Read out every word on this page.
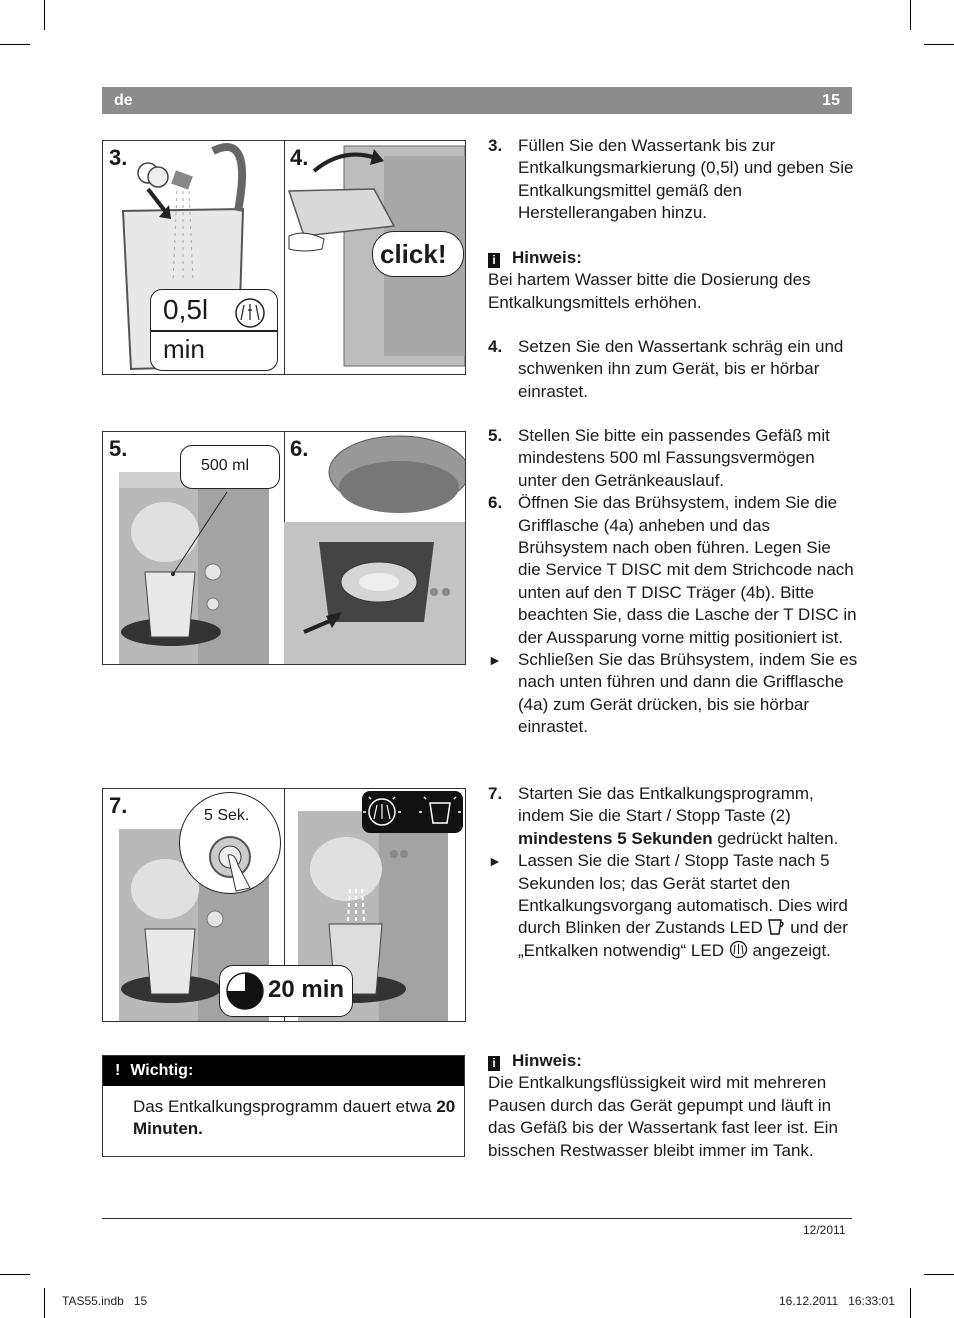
de	15
3.
0,5l
min
4.
click!
5.
500 ml
6.
7.	5 Sek.
20 min
! Wichtig:
Das Entkalkungsprogramm dauert etwa 20 Minuten.
3. Füllen Sie den Wassertank bis zur Entkalkungsmarkierung (0,5l) und geben Sie Entkalkungsmittel gemäß den Herstellerangaben hinzu.
i Hinweis:
Bei hartem Wasser bitte die Dosierung des Entkalkungsmittels erhöhen.
4. Setzen Sie den Wassertank schräg ein und schwenken ihn zum Gerät, bis er hörbar einrastet.
5. Stellen Sie bitte ein passendes Gefäß mit mindestens 500 ml Fassungsvermögen unter den Getränkeauslauf.
6. Öffnen Sie das Brühsystem, indem Sie die Grifflasche (4a) anheben und das Brühsystem nach oben führen. Legen Sie die Service T DISC mit dem Strichcode nach unten auf den T DISC Träger (4b). Bitte beachten Sie, dass die Lasche der T DISC in der Aussparung vorne mittig positioniert ist.
► Schließen Sie das Brühsystem, indem Sie es nach unten führen und dann die Grifflasche (4a) zum Gerät drücken, bis sie hörbar einrastet.
7. Starten Sie das Entkalkungsprogramm, indem Sie die Start / Stopp Taste (2) mindestens 5 Sekunden gedrückt halten.
► Lassen Sie die Start / Stopp Taste nach 5 Sekunden los; das Gerät startet den Entkalkungsvorgang automatisch. Dies wird durch Blinken der Zustands LED  und der „Entkalken notwendig“ LED  angezeigt.
i Hinweis:
Die Entkalkungsflüssigkeit wird mit mehreren Pausen durch das Gerät gepumpt und läuft in das Gefäß bis der Wassertank fast leer ist. Ein bisschen Restwasser bleibt immer im Tank.
12/2011
TAS55.indb   15	16.12.2011   16:33:01
